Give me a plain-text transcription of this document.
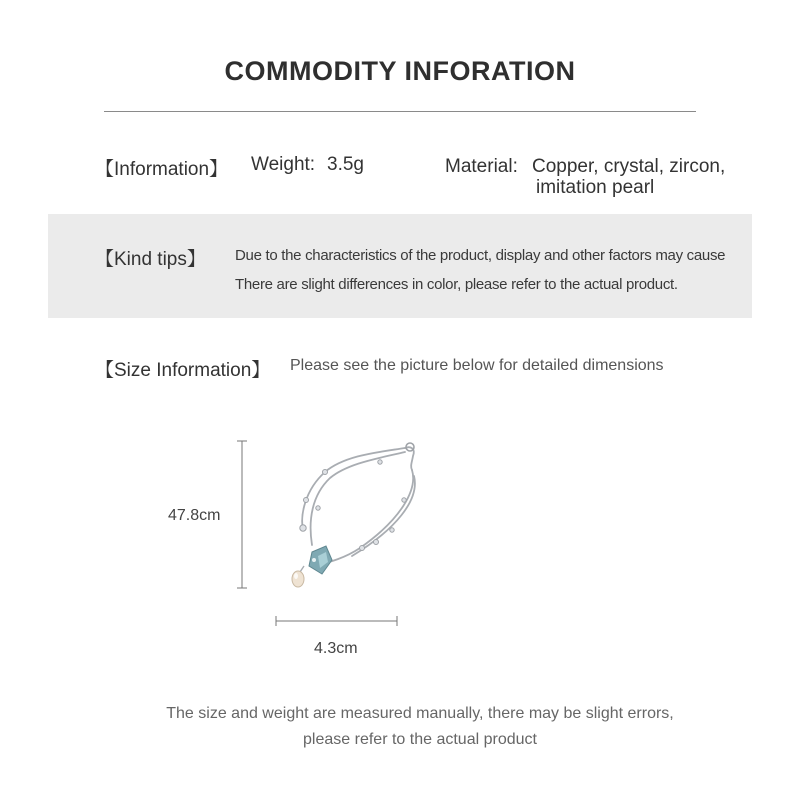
COMMODITY INFORATION
【Information】 Weight: 3.5g	Material: Copper, crystal, zircon,
imitation pearl
【Kind tips】 Due to the characteristics of the product, display and other factors may cause
There are slight differences in color, please refer to the actual product.
【Size Information】 Please see the picture below for detailed dimensions
47.8cm
4.3cm
The size and weight are measured manually, there may be slight errors,
please refer to the actual product
